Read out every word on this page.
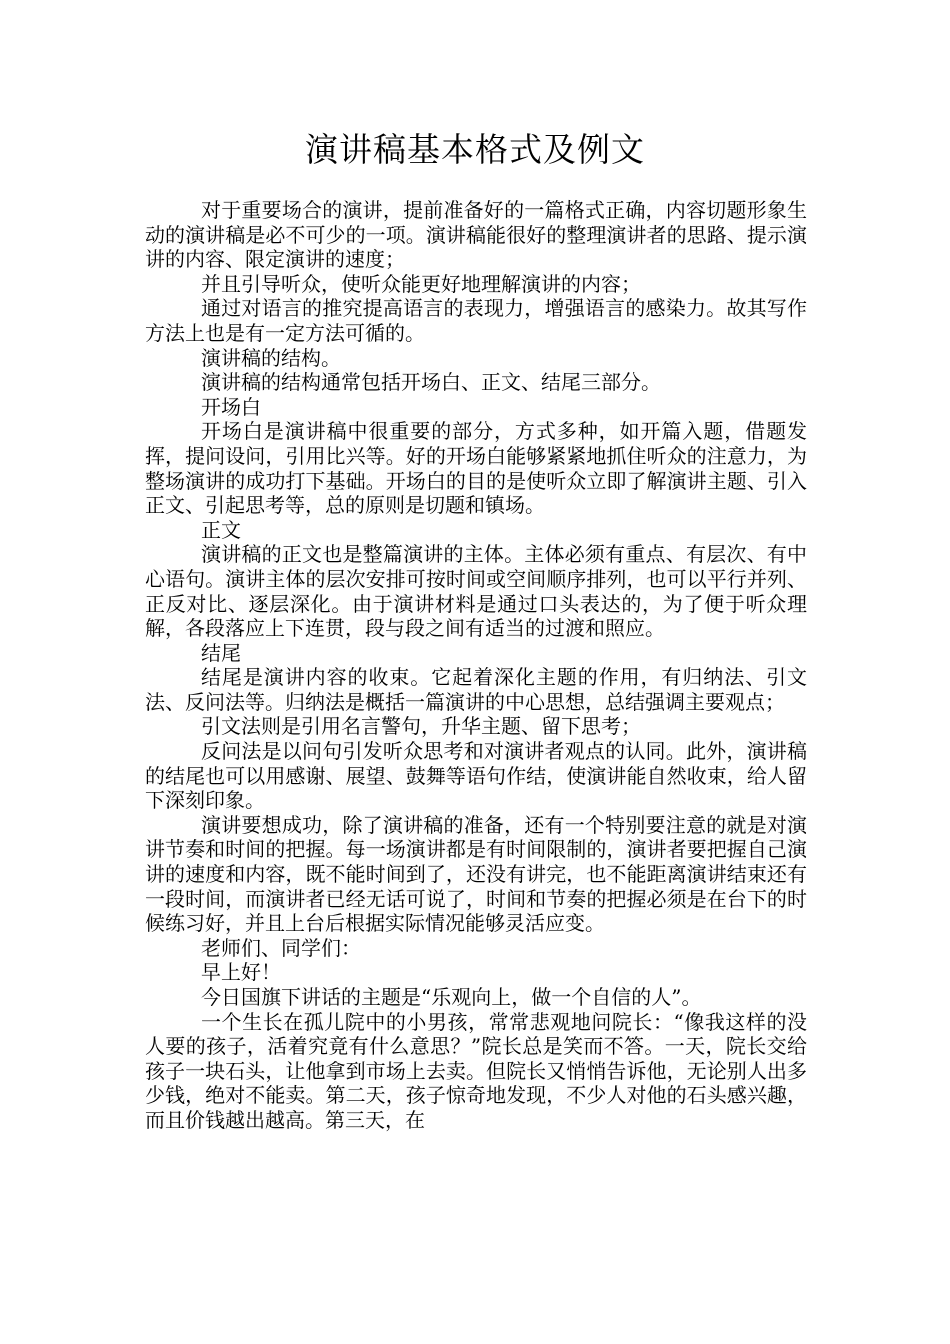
演讲稿基本格式及例文

对于重要场合的演讲，提前准备好的一篇格式正确，内容切题形象生动的演讲稿是必不可少的一项。演讲稿能很好的整理演讲者的思路、提示演讲的内容、限定演讲的速度；

并且引导听众，使听众能更好地理解演讲的内容；

通过对语言的推究提高语言的表现力，增强语言的感染力。故其写作方法上也是有一定方法可循的。

演讲稿的结构。

演讲稿的结构通常包括开场白、正文、结尾三部分。

开场白

开场白是演讲稿中很重要的部分，方式多种，如开篇入题，借题发挥，提问设问，引用比兴等。好的开场白能够紧紧地抓住听众的注意力，为整场演讲的成功打下基础。开场白的目的是使听众立即了解演讲主题、引入正文、引起思考等，总的原则是切题和镇场。

正文

演讲稿的正文也是整篇演讲的主体。主体必须有重点、有层次、有中心语句。演讲主体的层次安排可按时间或空间顺序排列，也可以平行并列、正反对比、逐层深化。由于演讲材料是通过口头表达的，为了便于听众理解，各段落应上下连贯，段与段之间有适当的过渡和照应。

结尾

结尾是演讲内容的收束。它起着深化主题的作用，有归纳法、引文法、反问法等。归纳法是概括一篇演讲的中心思想，总结强调主要观点；

引文法则是引用名言警句，升华主题、留下思考；

反问法是以问句引发听众思考和对演讲者观点的认同。此外，演讲稿的结尾也可以用感谢、展望、鼓舞等语句作结，使演讲能自然收束，给人留下深刻印象。

演讲要想成功，除了演讲稿的准备，还有一个特别要注意的就是对演讲节奏和时间的把握。每一场演讲都是有时间限制的，演讲者要把握自己演讲的速度和内容，既不能时间到了，还没有讲完，也不能距离演讲结束还有一段时间，而演讲者已经无话可说了，时间和节奏的把握必须是在台下的时候练习好，并且上台后根据实际情况能够灵活应变。

老师们、同学们：

早上好！

今日国旗下讲话的主题是“乐观向上，做一个自信的人”。

一个生长在孤儿院中的小男孩，常常悲观地问院长：“像我这样的没人要的孩子，活着究竟有什么意思？”院长总是笑而不答。一天，院长交给孩子一块石头，让他拿到市场上去卖。但院长又悄悄告诉他，无论别人出多少钱，绝对不能卖。第二天，孩子惊奇地发现，不少人对他的石头感兴趣，而且价钱越出越高。第三天，在
